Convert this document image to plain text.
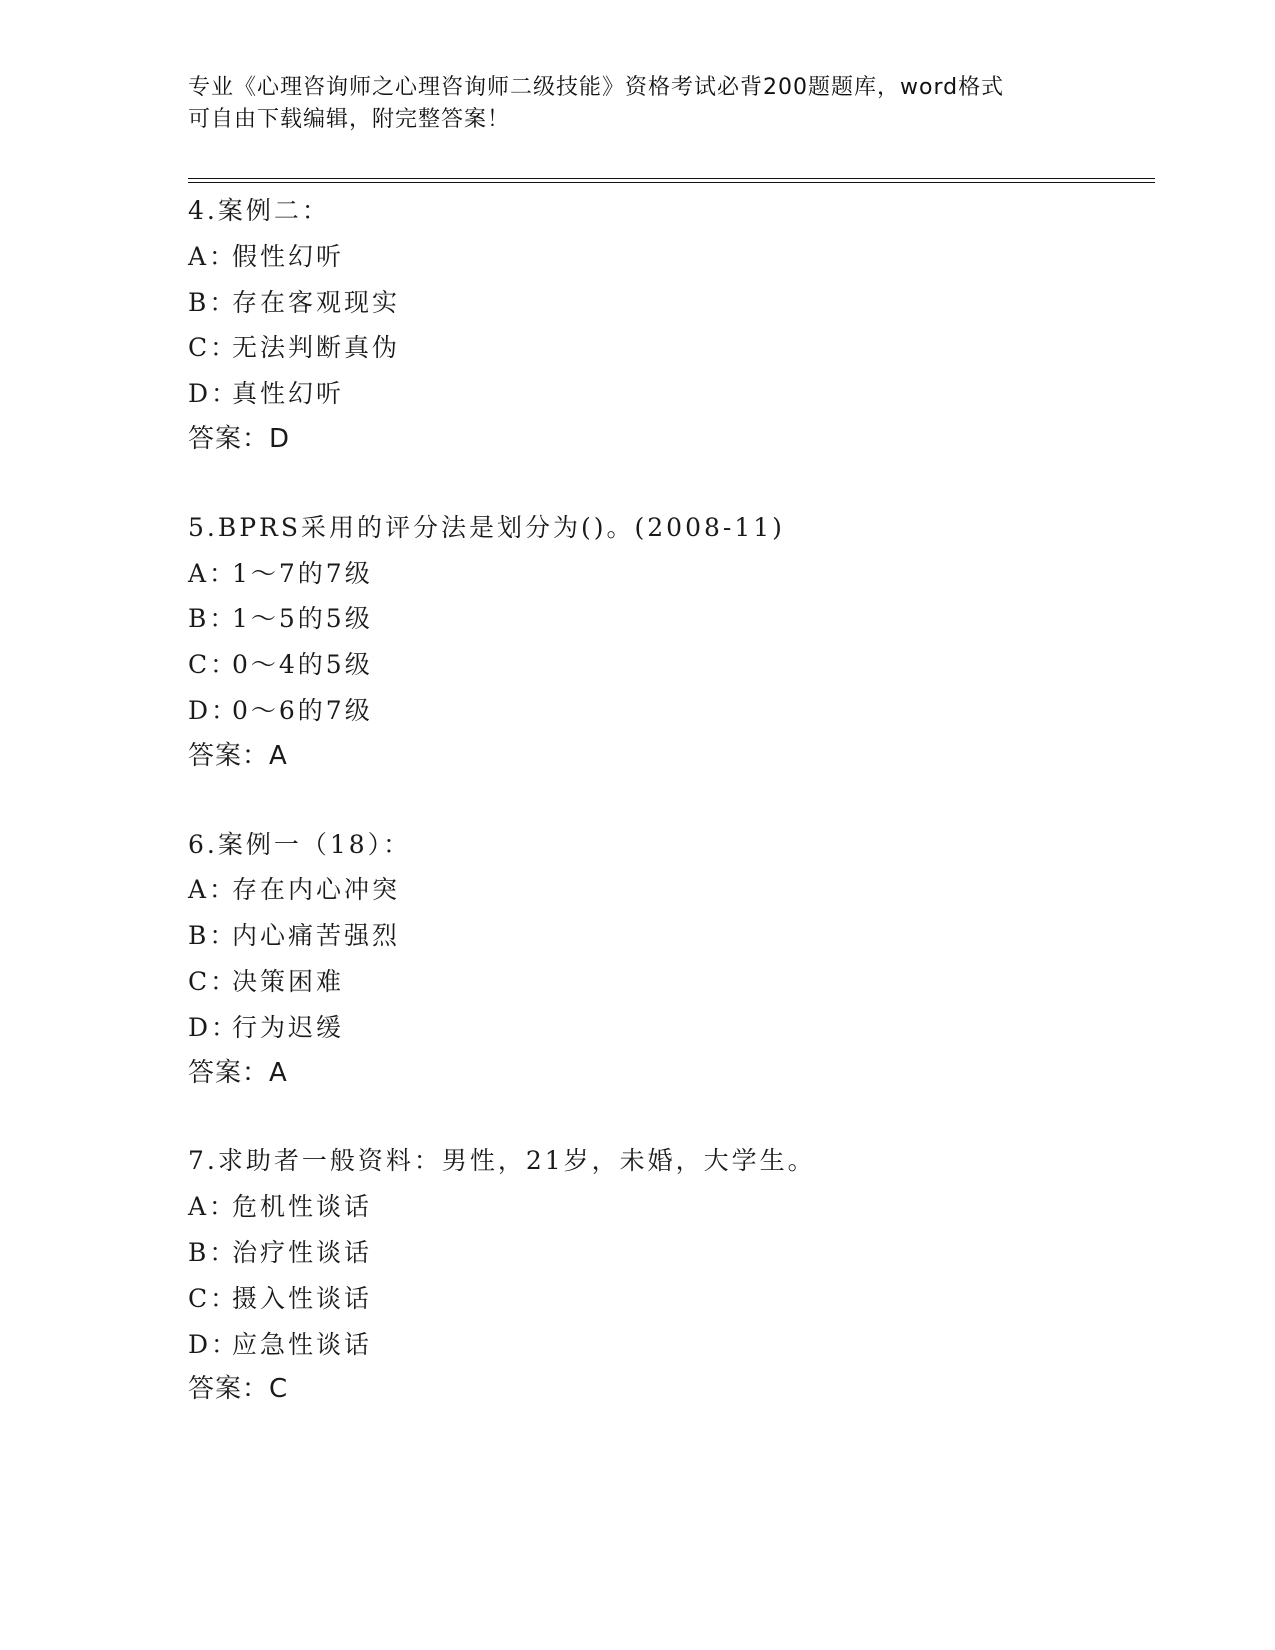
专业《心理咨询师之心理咨询师二级技能》资格考试必背200题题库，word格式
可自由下载编辑，附完整答案！
4.案例二：
A：假性幻听
B：存在客观现实
C：无法判断真伪
D：真性幻听
答案：D
5.BPRS采用的评分法是划分为()。(2008-11)
A：1～7的7级
B：1～5的5级
C：0～4的5级
D：0～6的7级
答案：A
6.案例一（18）：
A：存在内心冲突
B：内心痛苦强烈
C：决策困难
D：行为迟缓
答案：A
7.求助者一般资料：男性，21岁，未婚，大学生。
A：危机性谈话
B：治疗性谈话
C：摄入性谈话
D：应急性谈话
答案：C
